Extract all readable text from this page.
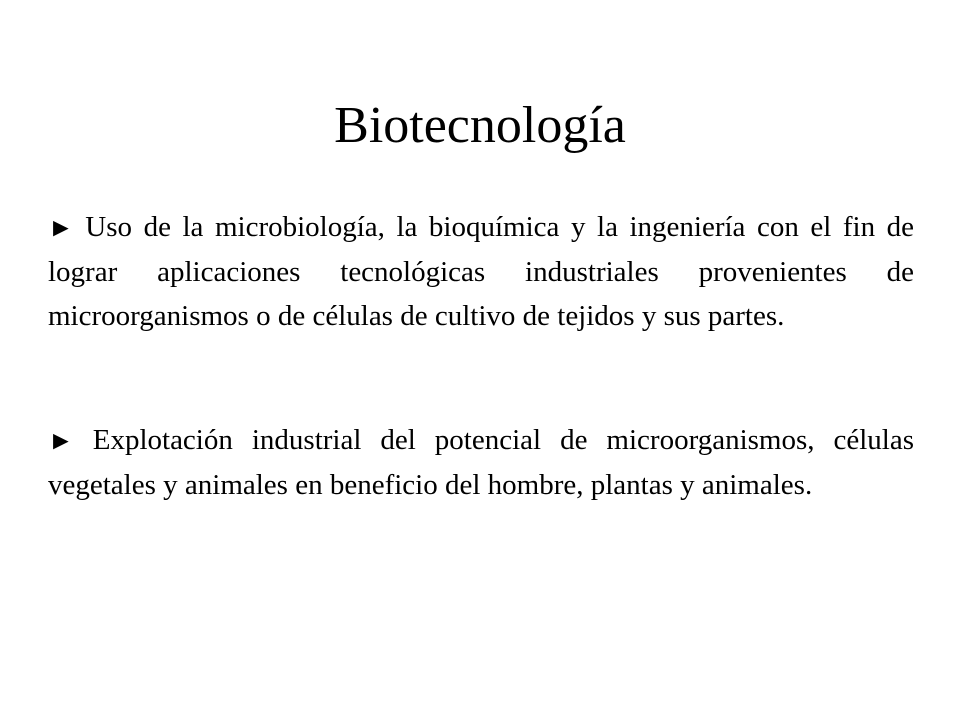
Biotecnología

► Uso de la microbiología, la bioquímica y la ingeniería con el fin de lograr aplicaciones tecnológicas industriales provenientes de microorganismos o de células de cultivo de tejidos y sus partes.

► Explotación industrial del potencial de microorganismos, células vegetales y animales en beneficio del hombre, plantas y animales.
